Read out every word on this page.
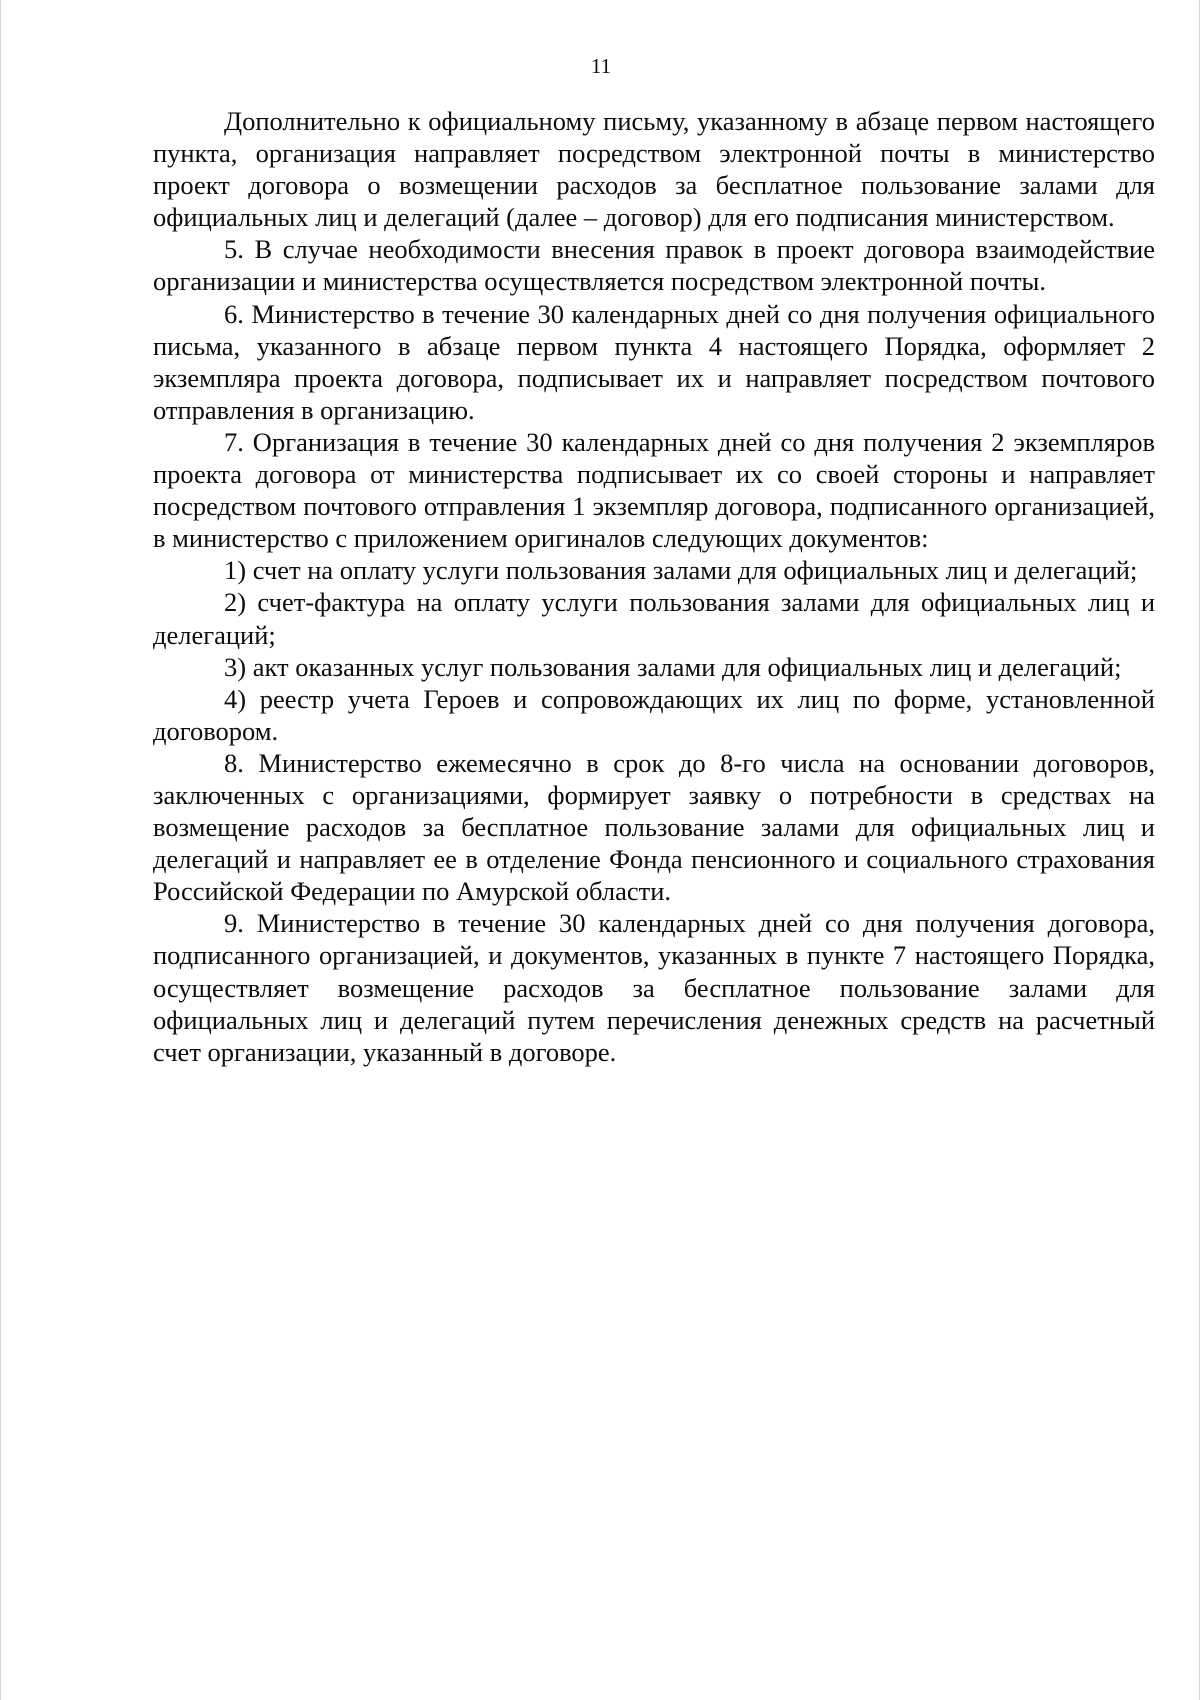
11

Дополнительно к официальному письму, указанному в абзаце первом настоящего пункта, организация направляет посредством электронной почты в министерство проект договора о возмещении расходов за бесплатное пользование залами для официальных лиц и делегаций (далее – договор) для его подписания министерством.

5. В случае необходимости внесения правок в проект договора взаимодействие организации и министерства осуществляется посредством электронной почты.

6. Министерство в течение 30 календарных дней со дня получения официального письма, указанного в абзаце первом пункта 4 настоящего Порядка, оформляет 2 экземпляра проекта договора, подписывает их и направляет посредством почтового отправления в организацию.

7. Организация в течение 30 календарных дней со дня получения 2 экземпляров проекта договора от министерства подписывает их со своей стороны и направляет посредством почтового отправления 1 экземпляр договора, подписанного организацией, в министерство с приложением оригиналов следующих документов:

1) счет на оплату услуги пользования залами для официальных лиц и делегаций;

2) счет-фактура на оплату услуги пользования залами для официальных лиц и делегаций;

3) акт оказанных услуг пользования залами для официальных лиц и делегаций;

4) реестр учета Героев и сопровождающих их лиц по форме, установленной договором.

8. Министерство ежемесячно в срок до 8-го числа на основании договоров, заключенных с организациями, формирует заявку о потребности в средствах на возмещение расходов за бесплатное пользование залами для официальных лиц и делегаций и направляет ее в отделение Фонда пенсионного и социального страхования Российской Федерации по Амурской области.

9. Министерство в течение 30 календарных дней со дня получения договора, подписанного организацией, и документов, указанных в пункте 7 настоящего Порядка, осуществляет возмещение расходов за бесплатное пользование залами для официальных лиц и делегаций путем перечисления денежных средств на расчетный счет организации, указанный в договоре.
